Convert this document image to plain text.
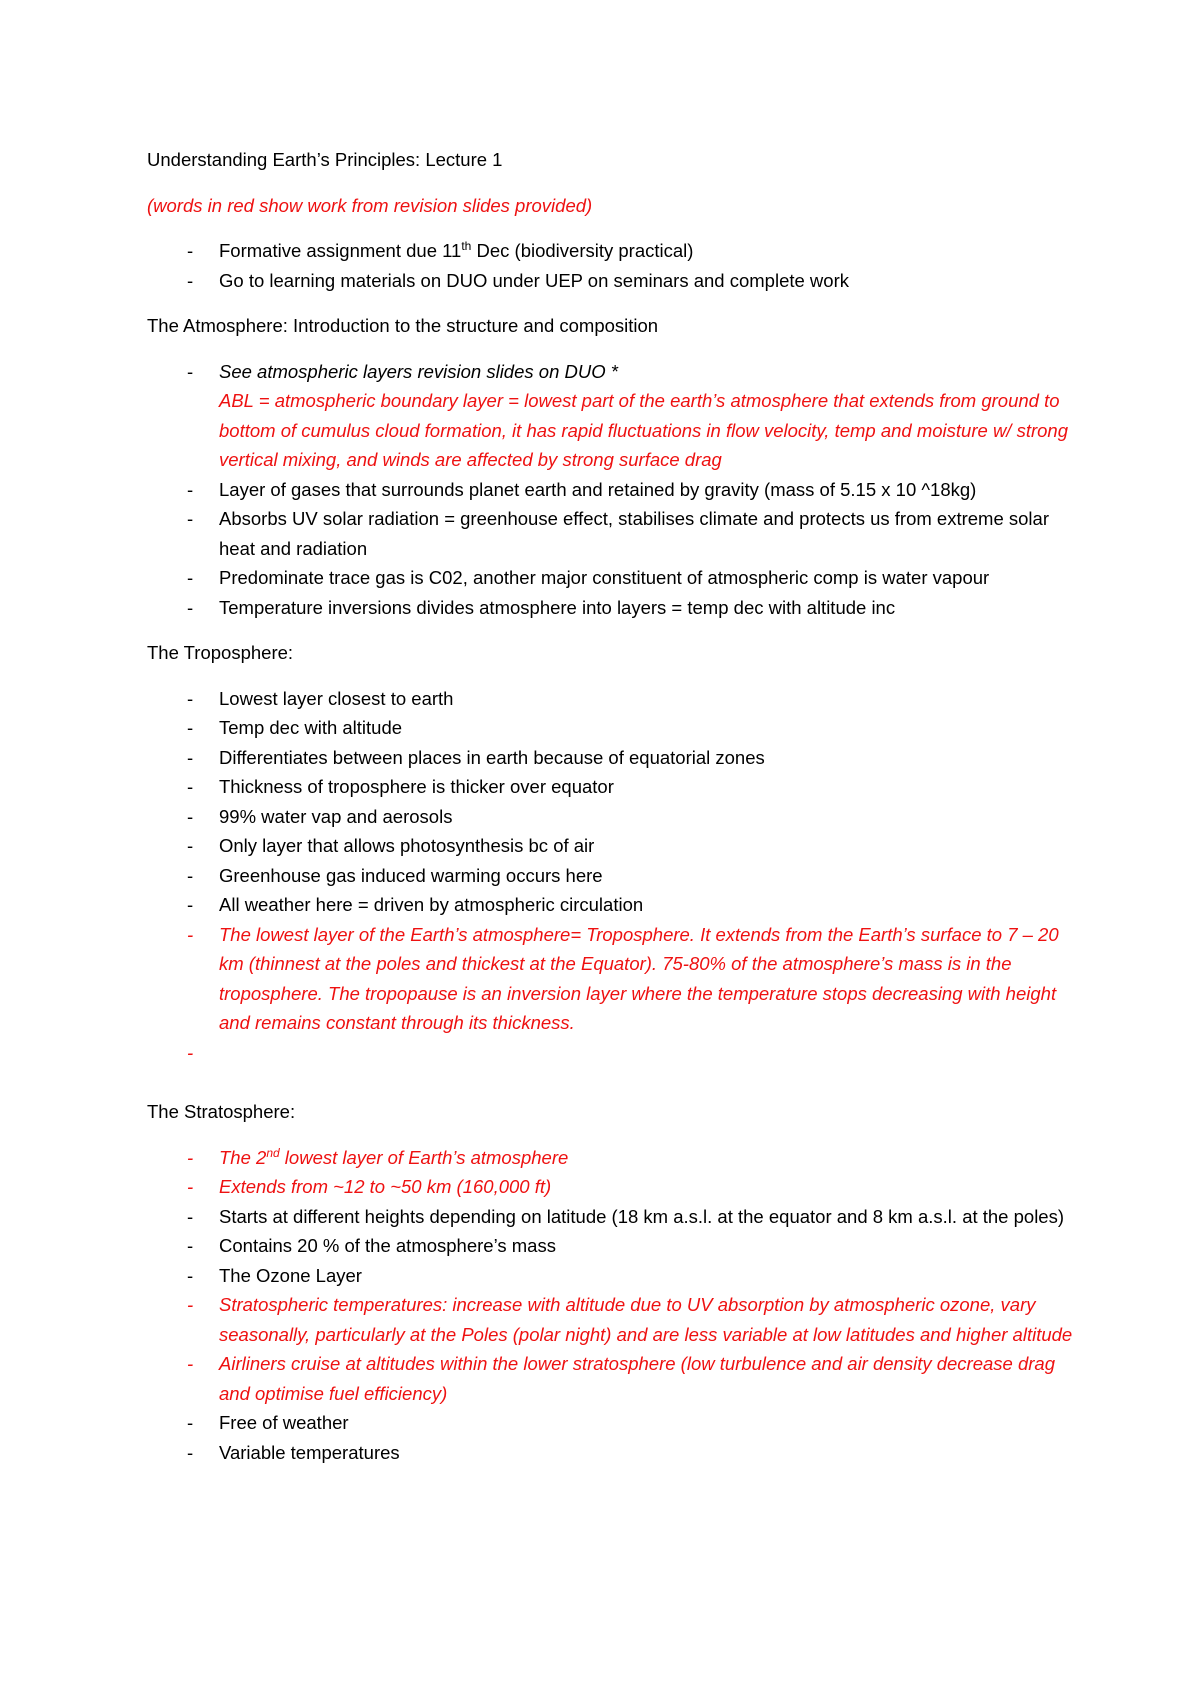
Understanding Earth’s Principles: Lecture 1

(words in red show work from revision slides provided)

- Formative assignment due 11th Dec (biodiversity practical)
- Go to learning materials on DUO under UEP on seminars and complete work

The Atmosphere: Introduction to the structure and composition

- See atmospheric layers revision slides on DUO *
ABL = atmospheric boundary layer = lowest part of the earth’s atmosphere that extends from ground to bottom of cumulus cloud formation, it has rapid fluctuations in flow velocity, temp and moisture w/ strong vertical mixing, and winds are affected by strong surface drag
- Layer of gases that surrounds planet earth and retained by gravity (mass of 5.15 x 10 ^18kg)
- Absorbs UV solar radiation = greenhouse effect, stabilises climate and protects us from extreme solar heat and radiation
- Predominate trace gas is C02, another major constituent of atmospheric comp is water vapour
- Temperature inversions divides atmosphere into layers = temp dec with altitude inc

The Troposphere:

- Lowest layer closest to earth
- Temp dec with altitude
- Differentiates between places in earth because of equatorial zones
- Thickness of troposphere is thicker over equator
- 99% water vap and aerosols
- Only layer that allows photosynthesis bc of air
- Greenhouse gas induced warming occurs here
- All weather here = driven by atmospheric circulation
- The lowest layer of the Earth’s atmosphere= Troposphere. It extends from the Earth’s surface to 7 – 20 km (thinnest at the poles and thickest at the Equator). 75-80% of the atmosphere’s mass is in the troposphere. The tropopause is an inversion layer where the temperature stops decreasing with height and remains constant through its thickness.
-

The Stratosphere:

- The 2nd lowest layer of Earth’s atmosphere
- Extends from ~12 to ~50 km (160,000 ft)
- Starts at different heights depending on latitude (18 km a.s.l. at the equator and 8 km a.s.l. at the poles)
- Contains 20 % of the atmosphere’s mass
- The Ozone Layer
- Stratospheric temperatures: increase with altitude due to UV absorption by atmospheric ozone, vary seasonally, particularly at the Poles (polar night) and are less variable at low latitudes and higher altitude
- Airliners cruise at altitudes within the lower stratosphere (low turbulence and air density decrease drag and optimise fuel efficiency)
- Free of weather
- Variable temperatures
